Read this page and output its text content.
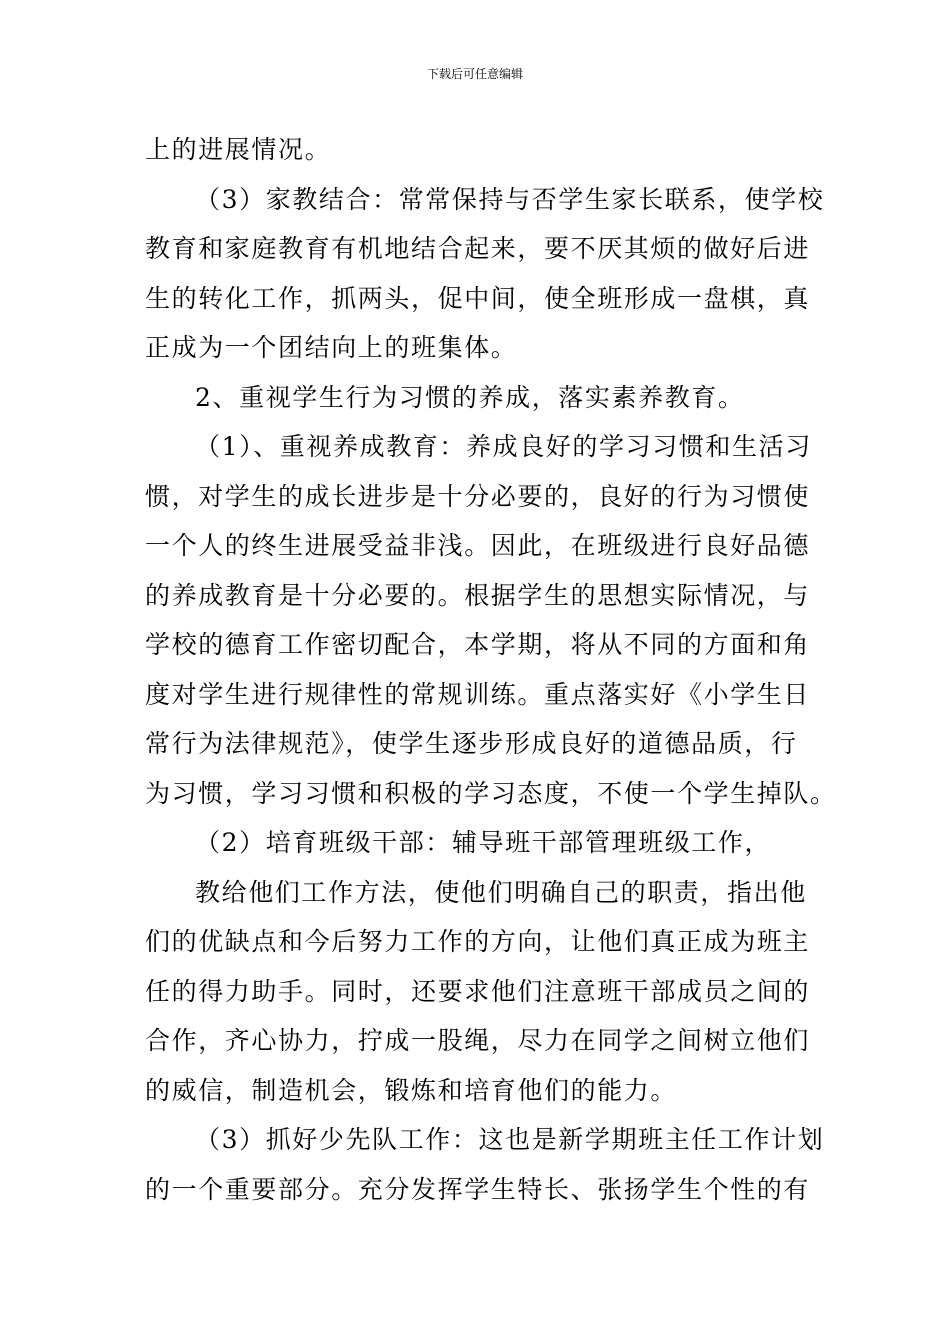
下载后可任意编辑
上的进展情况。
（3）家教结合：常常保持与否学生家长联系，使学校
教育和家庭教育有机地结合起来，要不厌其烦的做好后进
生的转化工作，抓两头，促中间，使全班形成一盘棋，真
正成为一个团结向上的班集体。
2、重视学生行为习惯的养成，落实素养教育。
（1）、重视养成教育：养成良好的学习习惯和生活习
惯，对学生的成长进步是十分必要的，良好的行为习惯使
一个人的终生进展受益非浅。因此，在班级进行良好品德
的养成教育是十分必要的。根据学生的思想实际情况，与
学校的德育工作密切配合，本学期，将从不同的方面和角
度对学生进行规律性的常规训练。重点落实好《小学生日
常行为法律规范》，使学生逐步形成良好的道德品质，行
为习惯，学习习惯和积极的学习态度，不使一个学生掉队。
（2）培育班级干部：辅导班干部管理班级工作，
教给他们工作方法，使他们明确自己的职责，指出他
们的优缺点和今后努力工作的方向，让他们真正成为班主
任的得力助手。同时，还要求他们注意班干部成员之间的
合作，齐心协力，拧成一股绳，尽力在同学之间树立他们
的威信，制造机会，锻炼和培育他们的能力。
（3）抓好少先队工作：这也是新学期班主任工作计划
的一个重要部分。充分发挥学生特长、张扬学生个性的有
